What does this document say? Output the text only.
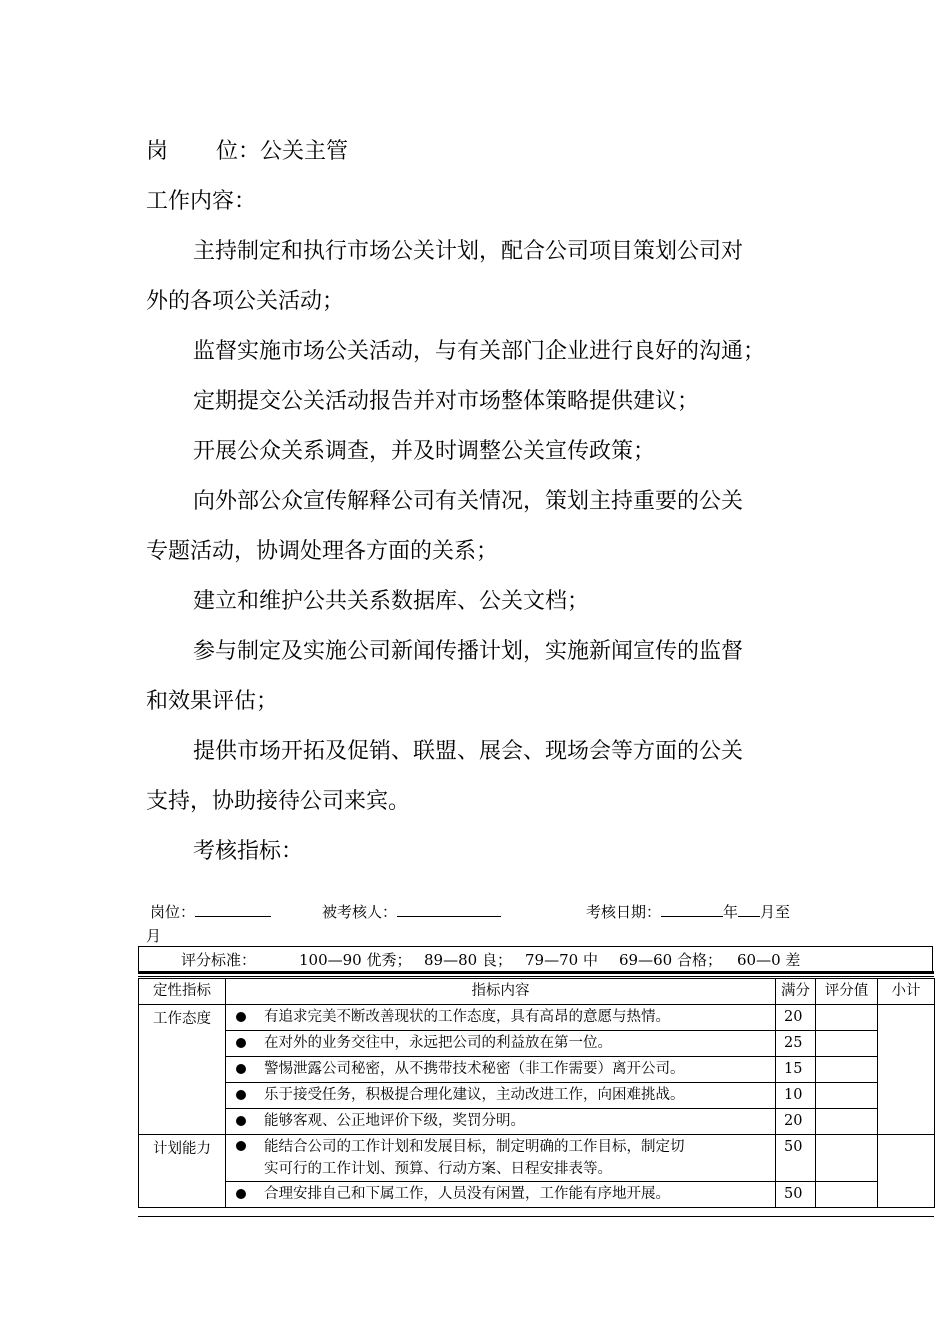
岗 位：公关主管
工作内容：
主持制定和执行市场公关计划，配合公司项目策划公司对
外的各项公关活动；
监督实施市场公关活动，与有关部门企业进行良好的沟通；
定期提交公关活动报告并对市场整体策略提供建议；
开展公众关系调查，并及时调整公关宣传政策；
向外部公众宣传解释公司有关情况，策划主持重要的公关
专题活动，协调处理各方面的关系；
建立和维护公共关系数据库、公关文档；
参与制定及实施公司新闻传播计划，实施新闻宣传的监督
和效果评估；
提供市场开拓及促销、联盟、展会、现场会等方面的公关
支持，协助接待公司来宾。
考核指标：
岗位：	被考核人：	考核日期：	年 月至
月
评分标准：	100—90 优秀； 89—80 良； 79—70 中 69—60 合格； 60—0 差
定性指标	指标内容	满分	评分值	小计
工作态度	有追求完美不断改善现状的工作态度，具有高昂的意愿与热情。	20		

在对外的业务交往中，永远把公司的利益放在第一位。	25		

警惕泄露公司秘密，从不携带技术秘密（非工作需要）离开公司。	15		

乐于接受任务，积极提合理化建议，主动改进工作，向困难挑战。	10		

能够客观、公正地评价下级，奖罚分明。	20		
计划能力	能结合公司的工作计划和发展目标，制定明确的工作目标，制定切
实可行的工作计划、预算、行动方案、日程安排表等。	50		

合理安排自己和下属工作，人员没有闲置，工作能有序地开展。	50		
